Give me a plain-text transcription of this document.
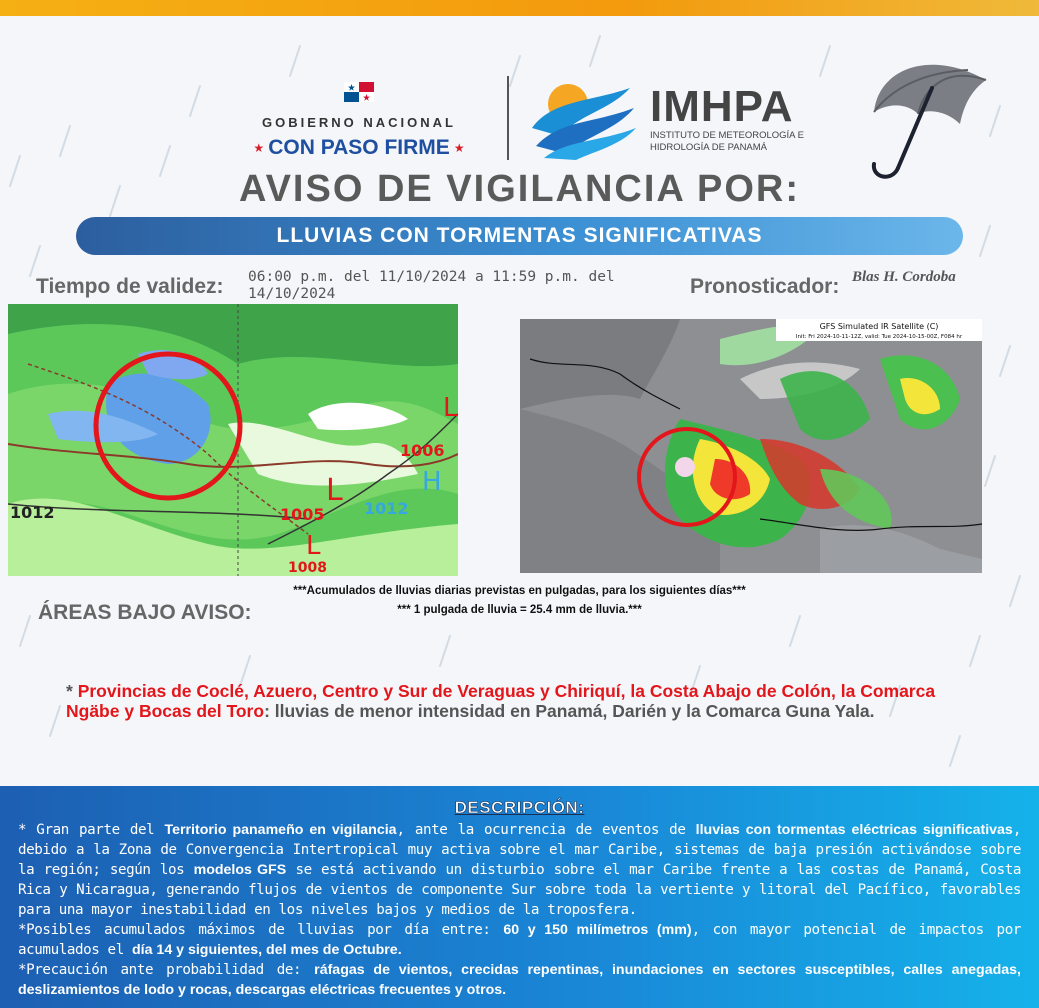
GOBIERNO NACIONAL
★ CON PASO FIRME ★
IMHPA
INSTITUTO DE METEOROLOGÍA E HIDROLOGÍA DE PANAMÁ
AVISO DE VIGILANCIA POR:
LLUVIAS CON TORMENTAS SIGNIFICATIVAS
Tiempo de validez: 06:00 p.m. del 11/10/2024 a 11:59 p.m. del 14/10/2024	Pronosticador: Blas H. Cordoba
L
1006
H
L
1005 1012
1008
1012
L
GFS Simulated IR Satellite (C)
Init: Fri 2024-10-11-12Z, valid: Tue 2024-10-15-00Z, F084 hr
***Acumulados de lluvias diarias previstas en pulgadas, para los siguientes días***
*** 1 pulgada de lluvia = 25.4 mm de lluvia.***
ÁREAS BAJO AVISO:
* Provincias de Coclé, Azuero, Centro y Sur de Veraguas y Chiriquí, la Costa Abajo de Colón, la Comarca Ngäbe y Bocas del Toro: lluvias de menor intensidad en Panamá, Darién y la Comarca Guna Yala.
DESCRIPCIÓN:
* Gran parte del Territorio panameño en vigilancia, ante la ocurrencia de eventos de lluvias con tormentas eléctricas significativas, debido a la Zona de Convergencia Intertropical muy activa sobre el mar Caribe, sistemas de baja presión activándose sobre la región; según los modelos GFS se está activando un disturbio sobre el mar Caribe frente a las costas de Panamá, Costa Rica y Nicaragua, generando flujos de vientos de componente Sur sobre toda la vertiente y litoral del Pacífico, favorables para una mayor inestabilidad en los niveles bajos y medios de la troposfera.
*Posibles acumulados máximos de lluvias por día entre: 60 y 150 milímetros (mm), con mayor potencial de impactos por acumulados el día 14 y siguientes, del mes de Octubre.
*Precaución ante probabilidad de: ráfagas de vientos, crecidas repentinas, inundaciones en sectores susceptibles, calles anegadas, deslizamientos de lodo y rocas, descargas eléctricas frecuentes y otros.
